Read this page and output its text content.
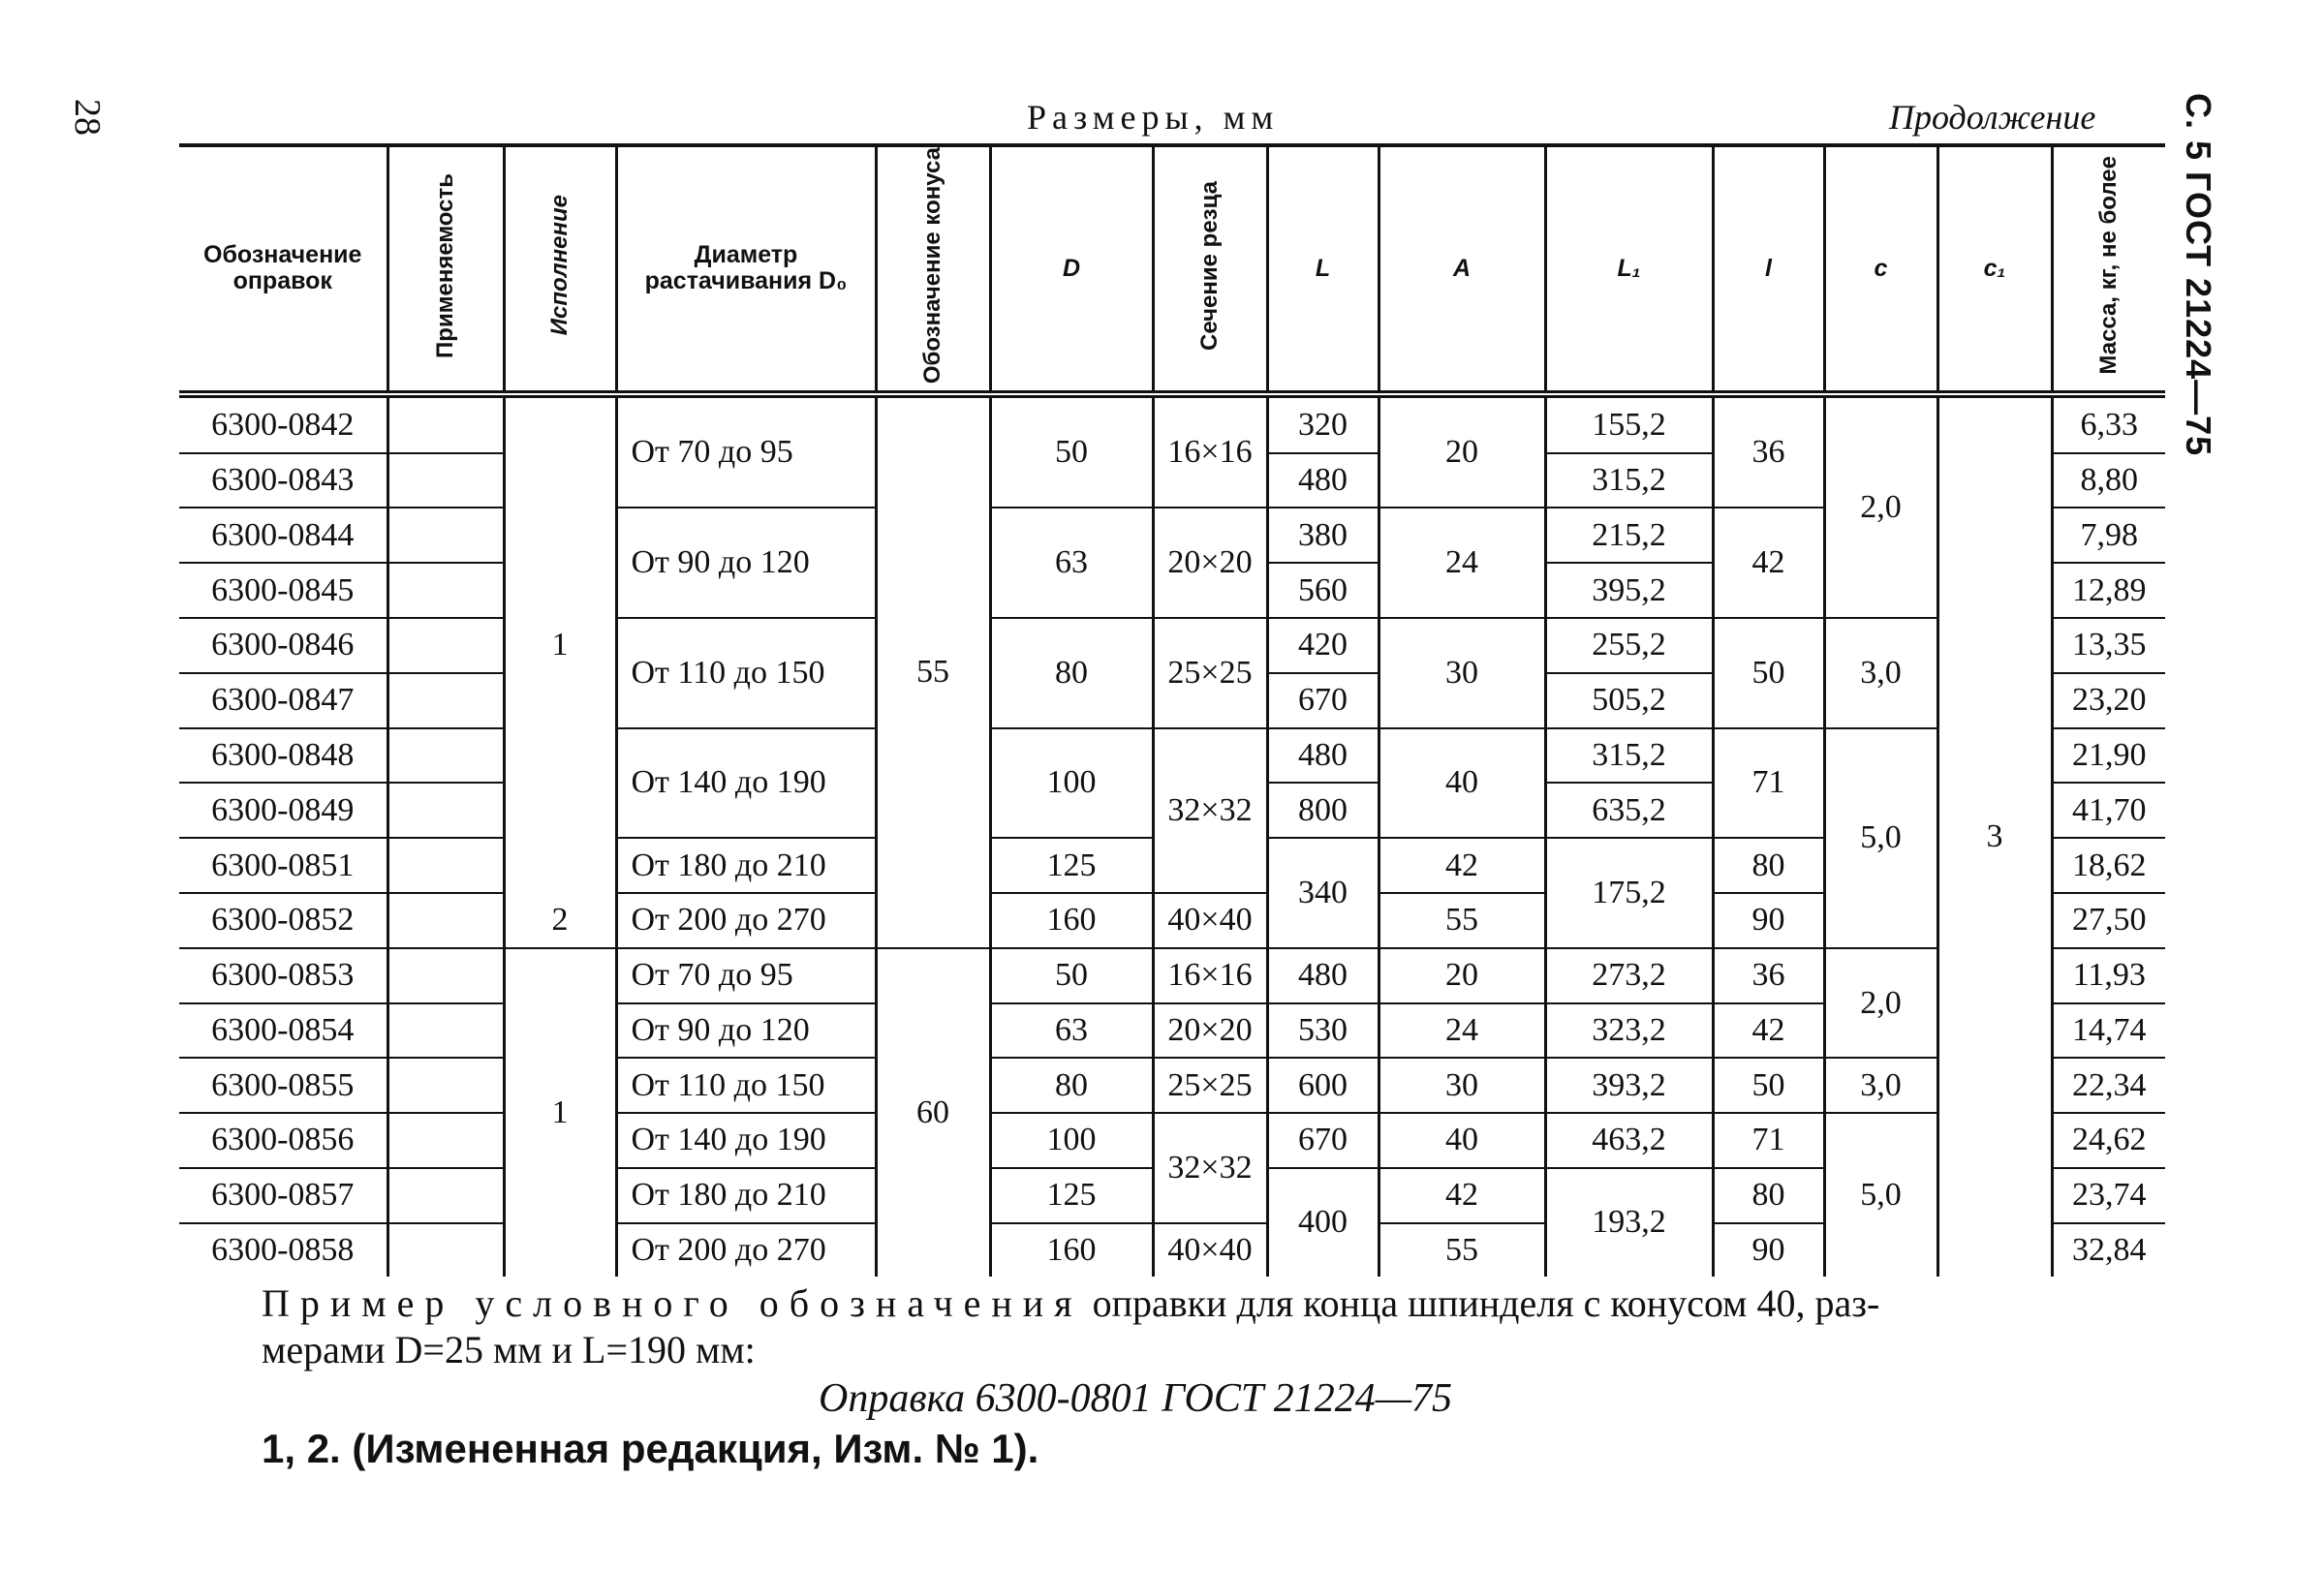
28	С. 5 ГОСТ 21224—75
Размеры, мм	Продолжение
Обозначение оправок	Применяемость	Исполнение	Диаметр растачивания D₀	Обозначение конуса	D	Сечение резца	L	A	L₁	l	c	c₁	Масса, кг, не более
6300-0842		1	От 70 до 95	55	50	16×16	320	20	155,2	36	2,0	3	6,33
6300-0843							480		315,2				8,80
6300-0844			От 90 до 120		63	20×20	380	24	215,2	42			7,98
6300-0845							560		395,2				12,89
6300-0846			От 110 до 150		80	25×25	420	30	255,2	50	3,0		13,35
6300-0847							670		505,2				23,20
6300-0848			От 140 до 190		100	32×32	480	40	315,2	71	5,0		21,90
6300-0849							800		635,2				41,70
6300-0851			От 180 до 210		125		340	42	175,2	80			18,62
6300-0852		2	От 200 до 270		160	40×40		55		90			27,50
6300-0853		1	От 70 до 95	60	50	16×16	480	20	273,2	36	2,0		11,93
6300-0854			От 90 до 120		63	20×20	530	24	323,2	42			14,74
6300-0855			От 110 до 150		80	25×25	600	30	393,2	50	3,0		22,34
6300-0856			От 140 до 190		100	32×32	670	40	463,2	71	5,0		24,62
6300-0857			От 180 до 210		125		400	42	193,2	80			23,74
6300-0858			От 200 до 270		160	40×40		55		90			32,84
Пример условного обозначения оправки для конца шпинделя с конусом 40, раз-
мерами D=25 мм и L=190 мм:
Оправка 6300-0801 ГОСТ 21224—75
1, 2. (Измененная редакция, Изм. № 1).
